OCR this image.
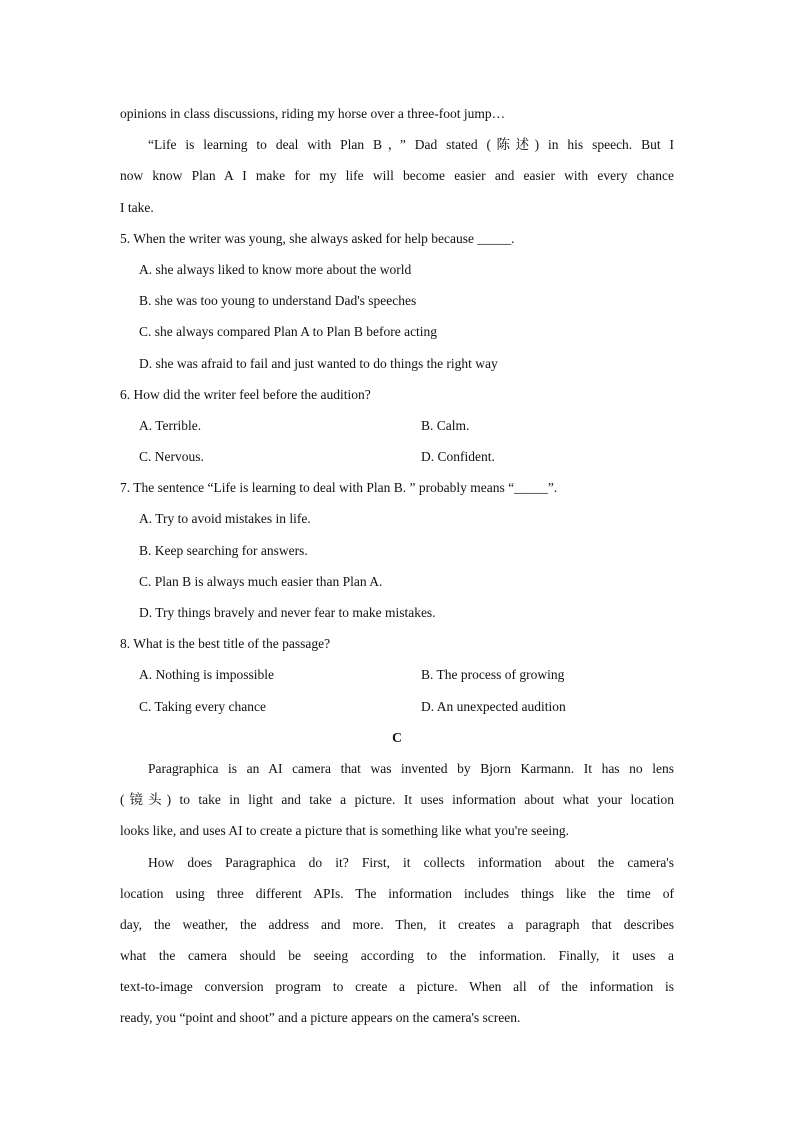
opinions in class discussions, riding my horse over a three-foot jump…
“Life is learning to deal with Plan B，” Dad stated (陈述) in his speech. But I
now know Plan A I make for my life will become easier and easier with every chance
I take.
5. When the writer was young, she always asked for help because _____.
A. she always liked to know more about the world
B. she was too young to understand Dad's speeches
C. she always compared Plan A to Plan B before acting
D. she was afraid to fail and just wanted to do things the right way
6. How did the writer feel before the audition?
A. Terrible.	B. Calm.
C. Nervous.	D. Confident.
7. The sentence “Life is learning to deal with Plan B. ” probably means “_____”.
A. Try to avoid mistakes in life.
B. Keep searching for answers.
C. Plan B is always much easier than Plan A.
D. Try things bravely and never fear to make mistakes.
8. What is the best title of the passage?
A. Nothing is impossible	B. The process of growing
C. Taking every chance	D. An unexpected audition
C
Paragraphica is an AI camera that was invented by Bjorn Karmann. It has no lens
(镜头) to take in light and take a picture. It uses information about what your location
looks like, and uses AI to create a picture that is something like what you're seeing.
How does Paragraphica do it? First, it collects information about the camera's
location using three different APIs. The information includes things like the time of
day, the weather, the address and more. Then, it creates a paragraph that describes
what the camera should be seeing according to the information. Finally, it uses a
text-to-image conversion program to create a picture. When all of the information is
ready, you “point and shoot” and a picture appears on the camera's screen.
